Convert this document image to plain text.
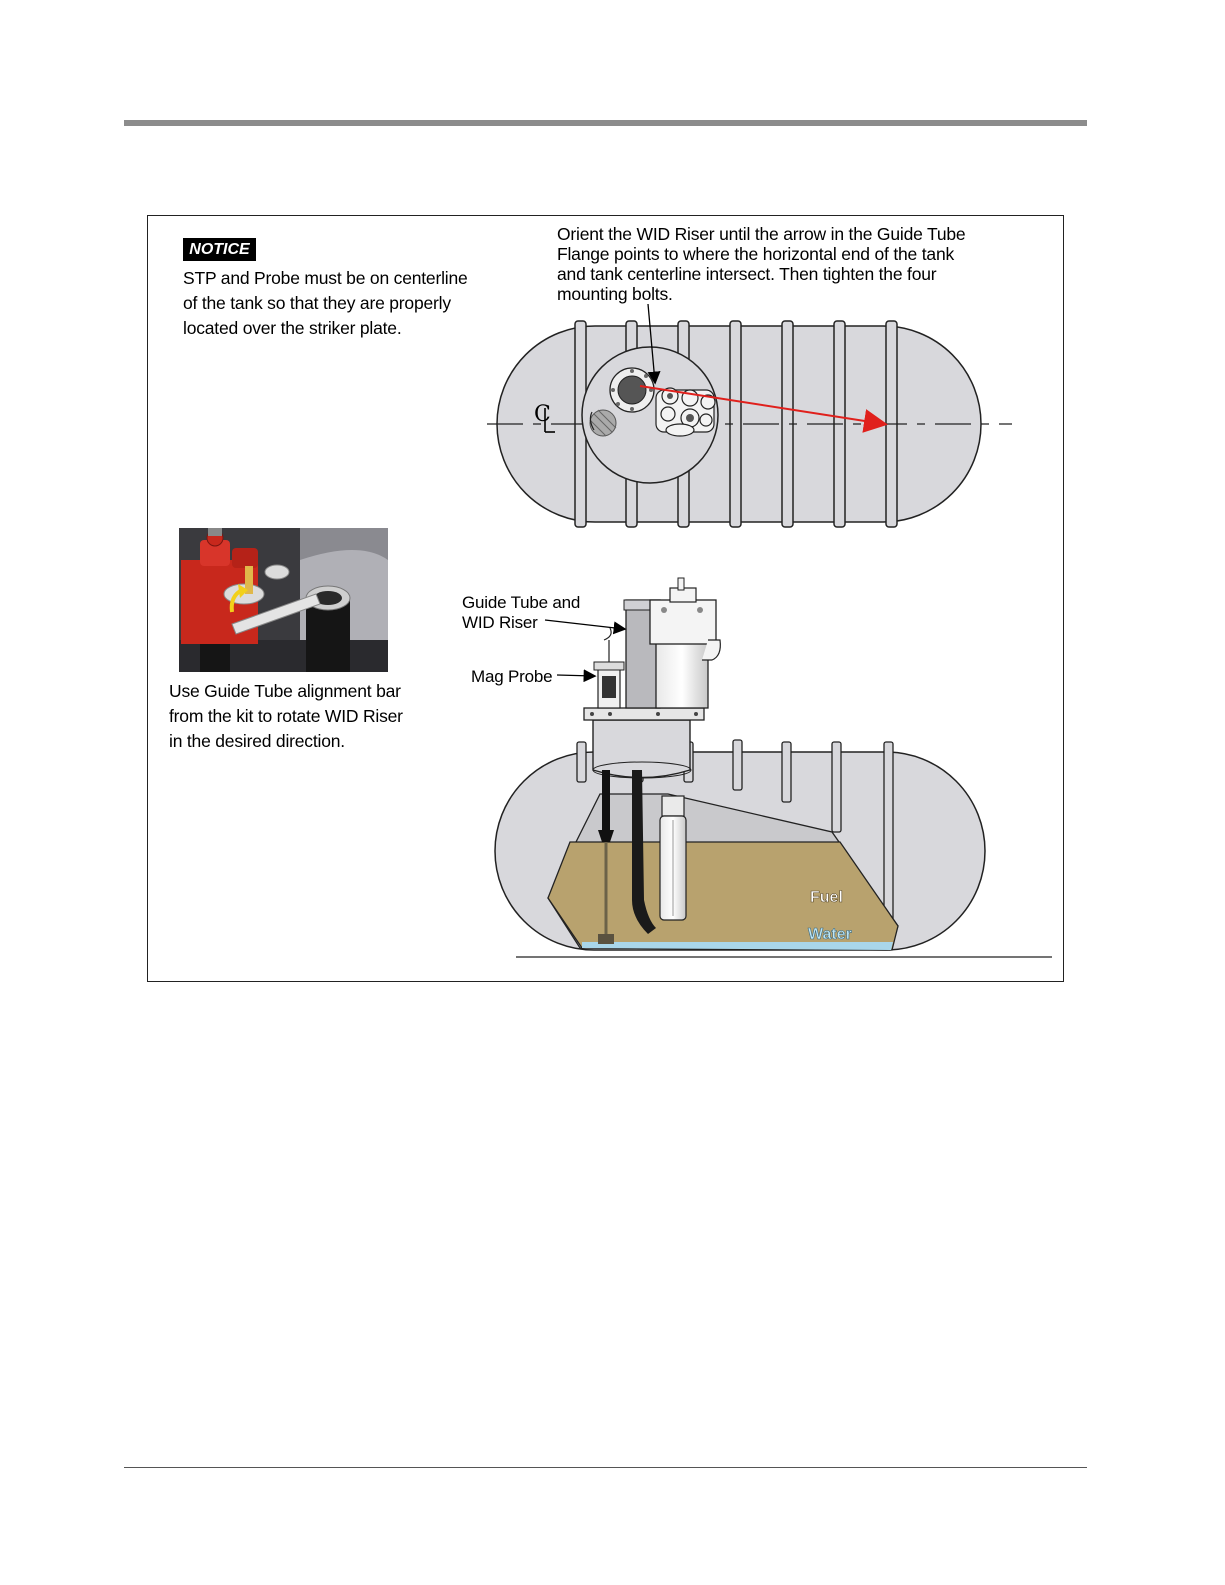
NOTICE
STP and Probe must be on centerline
of the tank so that they are properly
located over the striker plate.
Orient the WID Riser until the arrow in the Guide Tube
Flange points to where the horizontal end of the tank
and tank centerline intersect. Then tighten the four
mounting bolts.
Use Guide Tube alignment bar
from the kit to rotate WID Riser
in the desired direction.
Guide Tube and
WID Riser
Mag Probe
C
Fuel
Water
